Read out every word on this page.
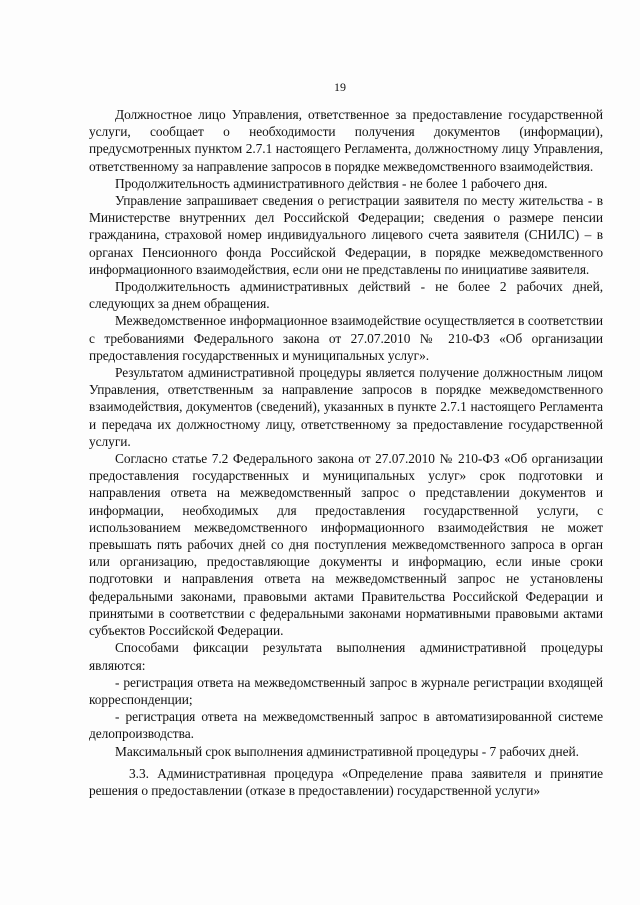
19

Должностное лицо Управления, ответственное за предоставление государственной услуги, сообщает о необходимости получения документов (информации), предусмотренных пунктом 2.7.1 настоящего Регламента, должностному лицу Управления, ответственному за направление запросов в порядке межведомственного взаимодействия.

Продолжительность административного действия - не более 1 рабочего дня.

Управление запрашивает сведения о регистрации заявителя по месту жительства - в Министерстве внутренних дел Российской Федерации; сведения о размере пенсии гражданина, страховой номер индивидуального лицевого счета заявителя (СНИЛС) – в органах Пенсионного фонда Российской Федерации, в порядке межведомственного информационного взаимодействия, если они не представлены по инициативе заявителя.

Продолжительность административных действий - не более 2 рабочих дней, следующих за днем обращения.

Межведомственное информационное взаимодействие осуществляется в соответствии с требованиями Федерального закона от 27.07.2010 № 210-ФЗ «Об организации предоставления государственных и муниципальных услуг».

Результатом административной процедуры является получение должностным лицом Управления, ответственным за направление запросов в порядке межведомственного взаимодействия, документов (сведений), указанных в пункте 2.7.1 настоящего Регламента и передача их должностному лицу, ответственному за предоставление государственной услуги.

Согласно статье 7.2 Федерального закона от 27.07.2010 № 210-ФЗ «Об организации предоставления государственных и муниципальных услуг» срок подготовки и направления ответа на межведомственный запрос о представлении документов и информации, необходимых для предоставления государственной услуги, с использованием межведомственного информационного взаимодействия не может превышать пять рабочих дней со дня поступления межведомственного запроса в орган или организацию, предоставляющие документы и информацию, если иные сроки подготовки и направления ответа на межведомственный запрос не установлены федеральными законами, правовыми актами Правительства Российской Федерации и принятыми в соответствии с федеральными законами нормативными правовыми актами субъектов Российской Федерации.

Способами фиксации результата выполнения административной процедуры являются:

- регистрация ответа на межведомственный запрос в журнале регистрации входящей корреспонденции;

- регистрация ответа на межведомственный запрос в автоматизированной системе делопроизводства.

Максимальный срок выполнения административной процедуры - 7 рабочих дней.

3.3. Административная процедура «Определение права заявителя и принятие решения о предоставлении (отказе в предоставлении) государственной услуги»
